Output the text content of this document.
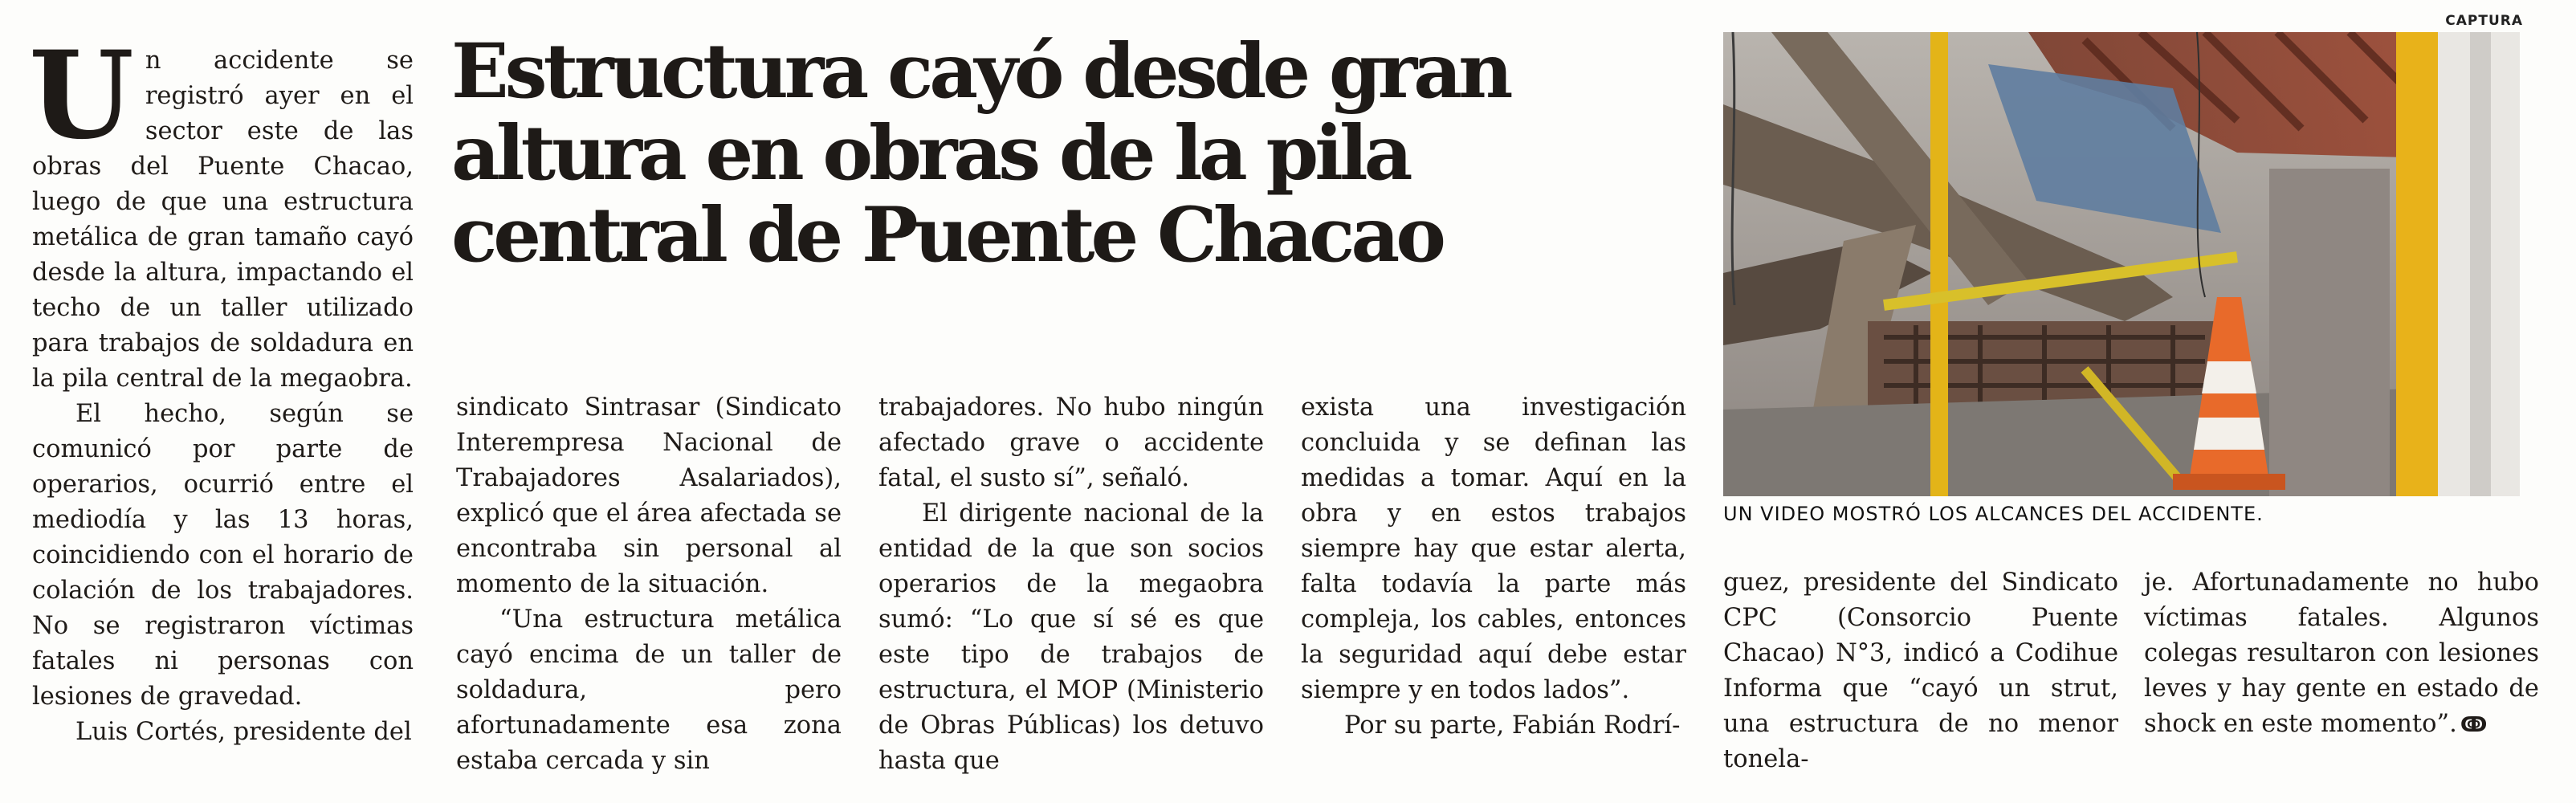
CAPTURA
Estructura cayó desde gran altura en obras de la pila central de Puente Chacao

Un accidente se registró ayer en el sector este de las obras del Puente Chacao, luego de que una estructura metálica de gran tamaño cayó desde la altura, impactando el techo de un taller utilizado para trabajos de soldadura en la pila central de la megaobra.

El hecho, según se comunicó por parte de operarios, ocurrió entre el mediodía y las 13 horas, coincidiendo con el horario de colación de los trabajadores. No se registraron víctimas fatales ni personas con lesiones de gravedad.

Luis Cortés, presidente del

sindicato Sintrasar (Sindicato Interempresa Nacional de Trabajadores Asalariados), explicó que el área afectada se encontraba sin personal al momento de la situación.

“Una estructura metálica cayó encima de un taller de soldadura, pero afortunadamente esa zona estaba cercada y sin

trabajadores. No hubo ningún afectado grave o accidente fatal, el susto sí”, señaló.

El dirigente nacional de la entidad de la que son socios operarios de la megaobra sumó: “Lo que sí sé es que este tipo de trabajos de estructura, el MOP (Ministerio de Obras Públicas) los detuvo hasta que

exista una investigación concluida y se definan las medidas a tomar. Aquí en la obra y en estos trabajos siempre hay que estar alerta, falta todavía la parte más compleja, los cables, entonces la seguridad aquí debe estar siempre y en todos lados”.

Por su parte, Fabián Rodrí-

UN VIDEO MOSTRÓ LOS ALCANCES DEL ACCIDENTE.

guez, presidente del Sindicato CPC (Consorcio Puente Chacao) N°3, indicó a Codihue Informa que “cayó un strut, una estructura de no menor tonela-

je. Afortunadamente no hubo víctimas fatales. Algunos colegas resultaron con lesiones leves y hay gente en estado de shock en este momento”. ↂ
